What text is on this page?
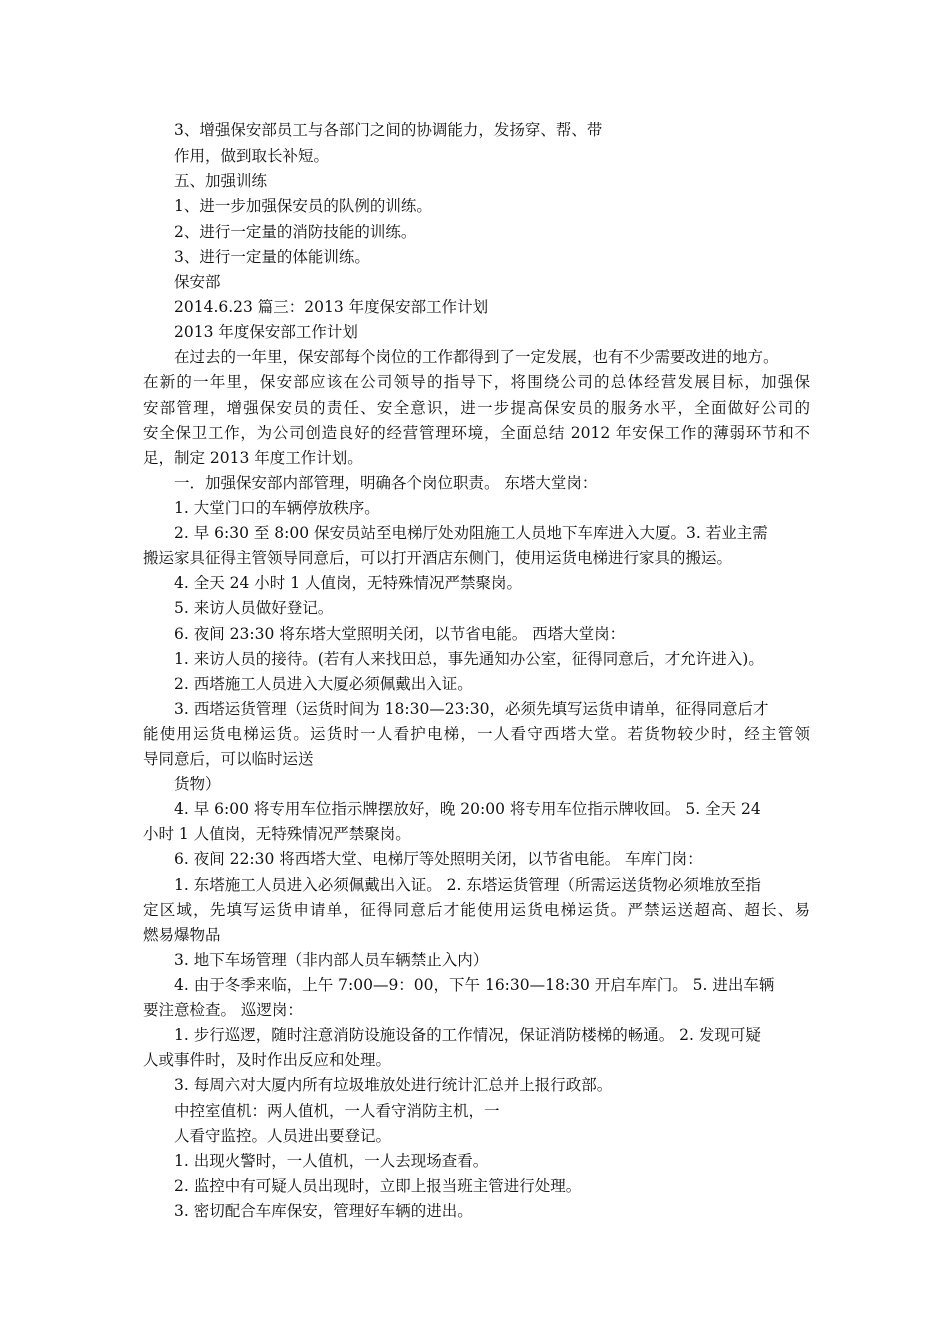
3、增强保安部员工与各部门之间的协调能力，发扬穿、帮、带
作用，做到取长补短。
五、加强训练
1、进一步加强保安员的队例的训练。
2、进行一定量的消防技能的训练。
3、进行一定量的体能训练。
保安部
2014.6.23 篇三：2013 年度保安部工作计划
2013 年度保安部工作计划
在过去的一年里，保安部每个岗位的工作都得到了一定发展，也有不少需要改进的地方。
在新的一年里，保安部应该在公司领导的指导下，将围绕公司的总体经营发展目标，加强保
安部管理，增强保安员的责任、安全意识，进一步提高保安员的服务水平，全面做好公司的
安全保卫工作，为公司创造良好的经营管理环境，全面总结 2012 年安保工作的薄弱环节和不
足，制定 2013 年度工作计划。
一．加强保安部内部管理，明确各个岗位职责。 东塔大堂岗：
1. 大堂门口的车辆停放秩序。
2. 早 6:30 至 8:00 保安员站至电梯厅处劝阻施工人员地下车库进入大厦。3. 若业主需
搬运家具征得主管领导同意后，可以打开酒店东侧门，使用运货电梯进行家具的搬运。
4. 全天 24 小时 1 人值岗，无特殊情况严禁聚岗。
5. 来访人员做好登记。
6. 夜间 23:30 将东塔大堂照明关闭，以节省电能。 西塔大堂岗：
1. 来访人员的接待。(若有人来找田总，事先通知办公室，征得同意后，才允许进入)。
2. 西塔施工人员进入大厦必须佩戴出入证。
3. 西塔运货管理（运货时间为 18:30—23:30，必须先填写运货申请单，征得同意后才
能使用运货电梯运货。运货时一人看护电梯，一人看守西塔大堂。若货物较少时，经主管领
导同意后，可以临时运送
货物）
4. 早 6:00 将专用车位指示牌摆放好，晚 20:00 将专用车位指示牌收回。 5. 全天 24
小时 1 人值岗，无特殊情况严禁聚岗。
6. 夜间 22:30 将西塔大堂、电梯厅等处照明关闭，以节省电能。 车库门岗：
1. 东塔施工人员进入必须佩戴出入证。 2. 东塔运货管理（所需运送货物必须堆放至指
定区域，先填写运货申请单，征得同意后才能使用运货电梯运货。严禁运送超高、超长、易
燃易爆物品
3. 地下车场管理（非内部人员车辆禁止入内）
4. 由于冬季来临，上午 7:00—9：00，下午 16:30—18:30 开启车库门。 5. 进出车辆
要注意检查。 巡逻岗：
1. 步行巡逻，随时注意消防设施设备的工作情况，保证消防楼梯的畅通。 2. 发现可疑
人或事件时，及时作出反应和处理。
3. 每周六对大厦内所有垃圾堆放处进行统计汇总并上报行政部。
中控室值机：两人值机，一人看守消防主机，一
人看守监控。人员进出要登记。
1. 出现火警时，一人值机，一人去现场查看。
2. 监控中有可疑人员出现时，立即上报当班主管进行处理。
3. 密切配合车库保安，管理好车辆的进出。
